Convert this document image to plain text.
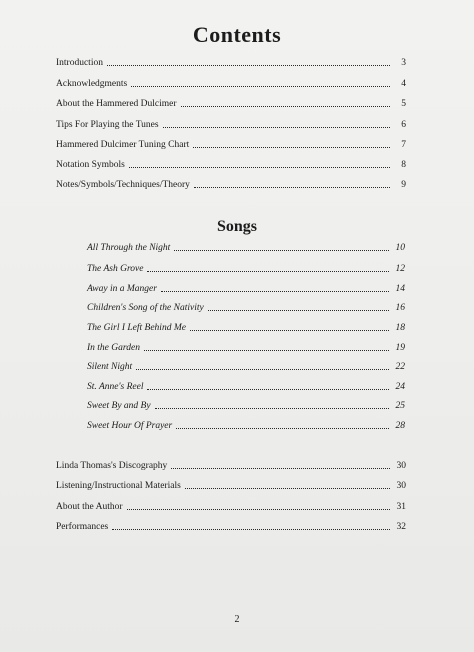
Contents
Introduction	3
Acknowledgments	4
About the Hammered Dulcimer	5
Tips For Playing the Tunes	6
Hammered Dulcimer Tuning Chart	7
Notation Symbols	8
Notes/Symbols/Techniques/Theory	9
Songs
All Through the Night	10
The Ash Grove	12
Away in a Manger	14
Children's Song of the Nativity	16
The Girl I Left Behind Me	18
In the Garden	19
Silent Night	22
St. Anne's Reel	24
Sweet By and By	25
Sweet Hour Of Prayer	28
Linda Thomas's Discography	30
Listening/Instructional Materials	30
About the Author	31
Performances	32
2
